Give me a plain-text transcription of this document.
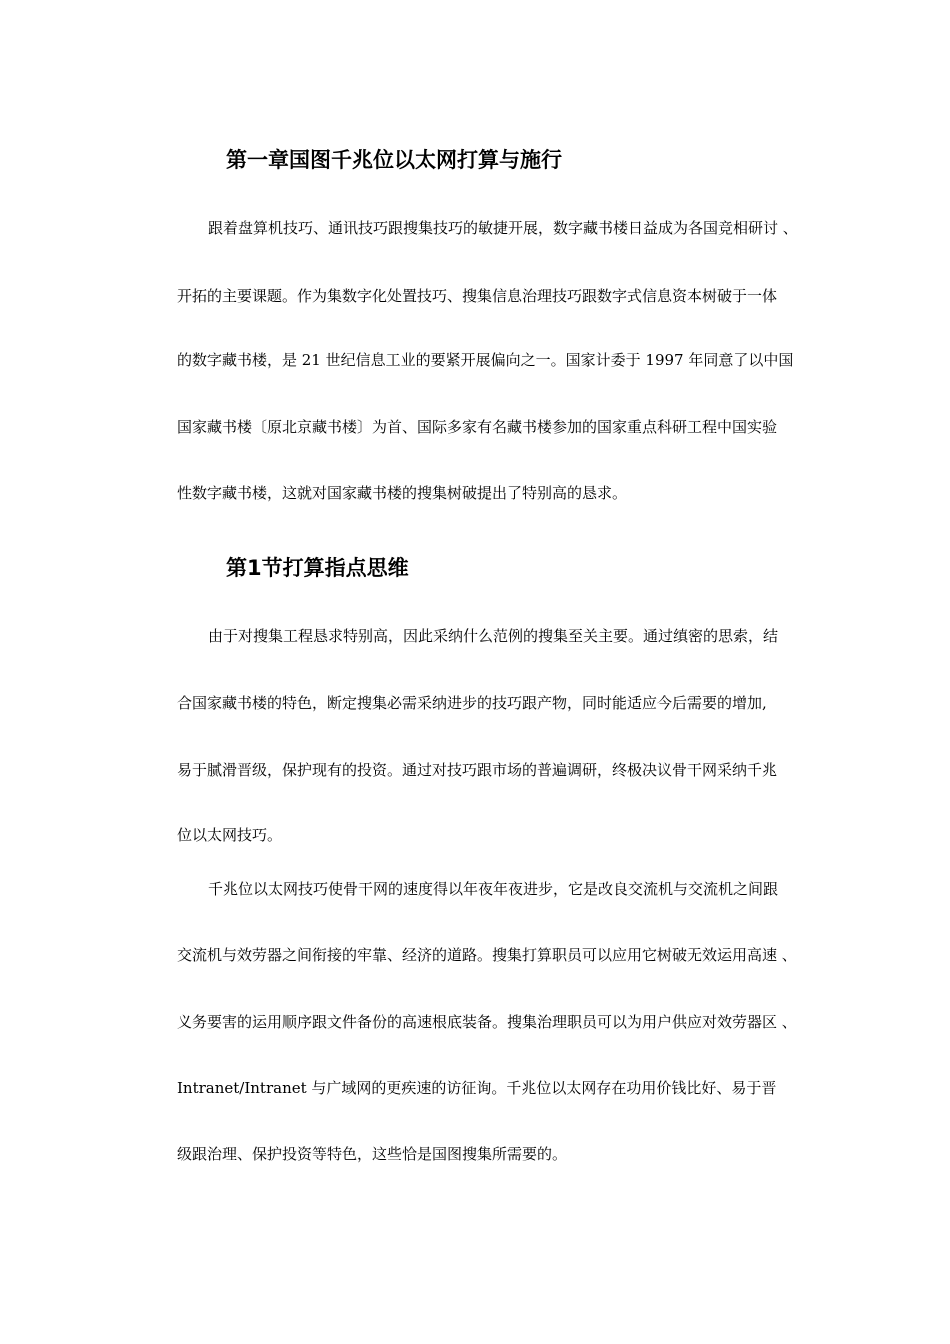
第一章国图千兆位以太网打算与施行

跟着盘算机技巧、通讯技巧跟搜集技巧的敏捷开展，数字藏书楼日益成为各国竞相研讨 、

开拓的主要课题。作为集数字化处置技巧、搜集信息治理技巧跟数字式信息资本树破于一体

的数字藏书楼，是 21 世纪信息工业的要紧开展偏向之一。国家计委于 1997 年同意了以中国

国家藏书楼〔原北京藏书楼〕为首、国际多家有名藏书楼参加的国家重点科研工程中国实验

性数字藏书楼，这就对国家藏书楼的搜集树破提出了特别高的恳求。

第1节打算指点思维

由于对搜集工程恳求特别高，因此采纳什么范例的搜集至关主要。通过缜密的思索，结

合国家藏书楼的特色，断定搜集必需采纳进步的技巧跟产物，同时能适应今后需要的增加,

易于腻滑晋级，保护现有的投资。通过对技巧跟市场的普遍调研，终极决议骨干网采纳千兆

位以太网技巧。

千兆位以太网技巧使骨干网的速度得以年夜年夜进步，它是改良交流机与交流机之间跟

交流机与效劳器之间衔接的牢靠、经济的道路。搜集打算职员可以应用它树破无效运用高速 、

义务要害的运用顺序跟文件备份的高速根底装备。搜集治理职员可以为用户供应对效劳器区 、

Intranet/Intranet 与广域网的更疾速的访征询。千兆位以太网存在功用价钱比好、易于晋

级跟治理、保护投资等特色，这些恰是国图搜集所需要的。
